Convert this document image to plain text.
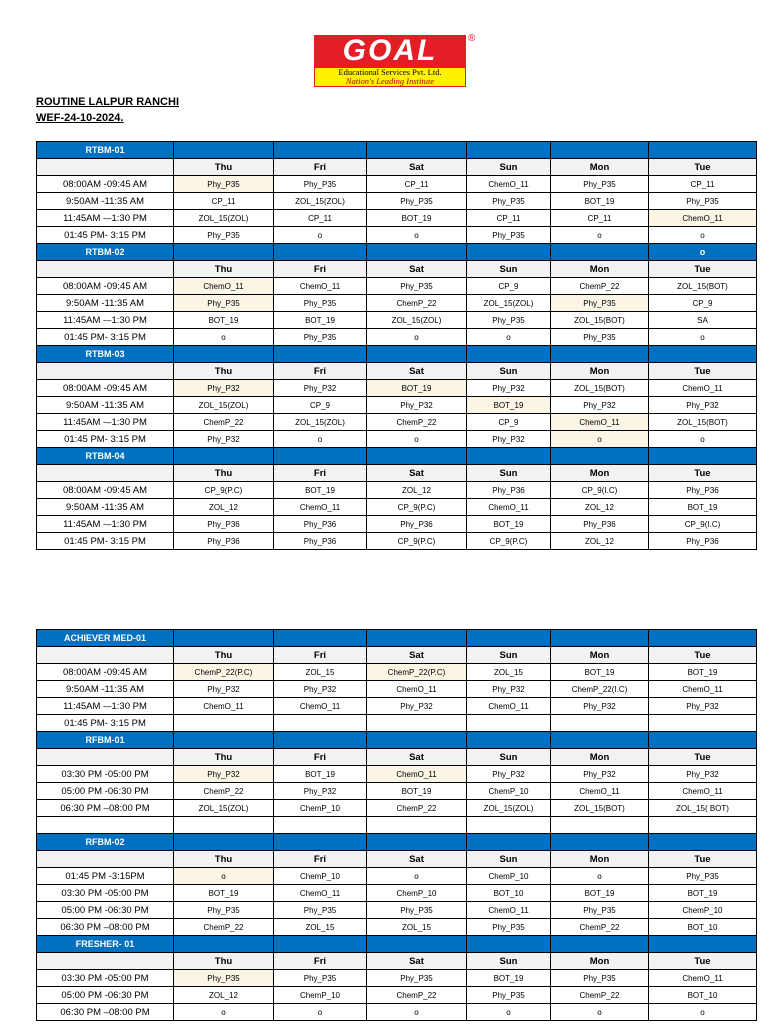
GOAL	®
Educational Services Pvt. Ltd.
Nation's Leading Institute
ROUTINE LALPUR RANCHI
WEF-24-10-2024.
RTBM-01						
	Thu	Fri	Sat	Sun	Mon	Tue
08:00AM -09:45 AM	Phy_P35	Phy_P35	CP_11	ChemO_11	Phy_P35	CP_11
9:50AM -11:35 AM	CP_11	ZOL_15(ZOL)	Phy_P35	Phy_P35	BOT_19	Phy_P35
11:45AM -–1:30 PM	ZOL_15(ZOL)	CP_11	BOT_19	CP_11	CP_11	ChemO_11
01:45 PM- 3:15 PM	Phy_P35	o	o	Phy_P35	o	o
RTBM-02						o
	Thu	Fri	Sat	Sun	Mon	Tue
08:00AM -09:45 AM	ChemO_11	ChemO_11	Phy_P35	CP_9	ChemP_22	ZOL_15(BOT)
9:50AM -11:35 AM	Phy_P35	Phy_P35	ChemP_22	ZOL_15(ZOL)	Phy_P35	CP_9
11:45AM -–1:30 PM	BOT_19	BOT_19	ZOL_15(ZOL)	Phy_P35	ZOL_15(BOT)	SA
01:45 PM- 3:15 PM	o	Phy_P35	o	o	Phy_P35	o
RTBM-03						
	Thu	Fri	Sat	Sun	Mon	Tue
08:00AM -09:45 AM	Phy_P32	Phy_P32	BOT_19	Phy_P32	ZOL_15(BOT)	ChemO_11
9:50AM -11:35 AM	ZOL_15(ZOL)	CP_9	Phy_P32	BOT_19	Phy_P32	Phy_P32
11:45AM -–1:30 PM	ChemP_22	ZOL_15(ZOL)	ChemP_22	CP_9	ChemO_11	ZOL_15(BOT)
01:45 PM- 3:15 PM	Phy_P32	o	o	Phy_P32	o	o
RTBM-04						
	Thu	Fri	Sat	Sun	Mon	Tue
08:00AM -09:45 AM	CP_9(P.C)	BOT_19	ZOL_12	Phy_P36	CP_9(I.C)	Phy_P36
9:50AM -11:35 AM	ZOL_12	ChemO_11	CP_9(P.C)	ChemO_11	ZOL_12	BOT_19
11:45AM -–1:30 PM	Phy_P36	Phy_P36	Phy_P36	BOT_19	Phy_P36	CP_9(I.C)
01:45 PM- 3:15 PM	Phy_P36	Phy_P36	CP_9(P.C)	CP_9(P.C)	ZOL_12	Phy_P36
ACHIEVER MED-01						
	Thu	Fri	Sat	Sun	Mon	Tue
08:00AM -09:45 AM	ChemP_22(P.C)	ZOL_15	ChemP_22(P.C)	ZOL_15	BOT_19	BOT_19
9:50AM -11:35 AM	Phy_P32	Phy_P32	ChemO_11	Phy_P32	ChemP_22(I.C)	ChemO_11
11:45AM -–1:30 PM	ChemO_11	ChemO_11	Phy_P32	ChemO_11	Phy_P32	Phy_P32
01:45 PM- 3:15 PM						
RFBM-01						
	Thu	Fri	Sat	Sun	Mon	Tue
03:30 PM -05:00 PM	Phy_P32	BOT_19	ChemO_11	Phy_P32	Phy_P32	Phy_P32
05:00 PM -06:30 PM	ChemP_22	Phy_P32	BOT_19	ChemP_10	ChemO_11	ChemO_11
06:30 PM –08:00 PM	ZOL_15(ZOL)	ChemP_10	ChemP_22	ZOL_15(ZOL)	ZOL_15(BOT)	ZOL_15( BOT)

RFBM-02						
	Thu	Fri	Sat	Sun	Mon	Tue
01:45 PM -3:15PM	o	ChemP_10	o	ChemP_10	o	Phy_P35
03:30 PM -05:00 PM	BOT_19	ChemO_11	ChemP_10	BOT_10	BOT_19	BOT_19
05:00 PM -06:30 PM	Phy_P35	Phy_P35	Phy_P35	ChemO_11	Phy_P35	ChemP_10
06:30 PM –08:00 PM	ChemP_22	ZOL_15	ZOL_15	Phy_P35	ChemP_22	BOT_10
FRESHER- 01						
	Thu	Fri	Sat	Sun	Mon	Tue
03:30 PM -05:00 PM	Phy_P35	Phy_P35	Phy_P35	BOT_19	Phy_P35	ChemO_11
05:00 PM -06:30 PM	ZOL_12	ChemP_10	ChemP_22	Phy_P35	ChemP_22	BOT_10
06:30 PM –08:00 PM	o	o	o	o	o	o
